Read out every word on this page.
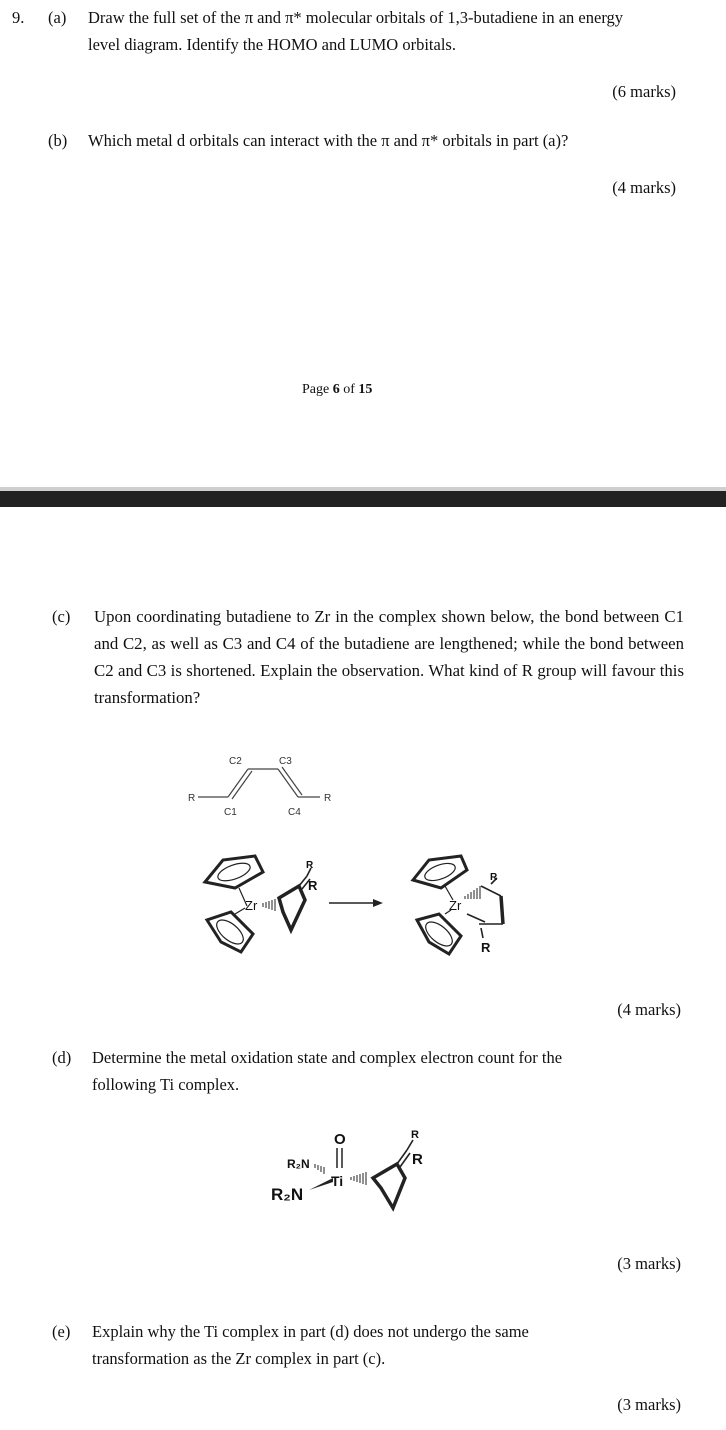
9. (a) Draw the full set of the π and π* molecular orbitals of 1,3-butadiene in an energy
level diagram. Identify the HOMO and LUMO orbitals.
(6 marks)
(b) Which metal d orbitals can interact with the π and π* orbitals in part (a)?
(4 marks)
Page 6 of 15
(c) Upon coordinating butadiene to Zr in the complex shown below, the bond between C1 and C2, as well as C3 and C4 of the butadiene are lengthened; while the bond between C2 and C3 is shortened. Explain the observation. What kind of R group will favour this transformation?
R	R
C1
C2	C3
C4
Zr
R
R
Zr
R
R
(4 marks)
(d) Determine the metal oxidation state and complex electron count for the
following Ti complex.
O
R₂N
R₂N
Ti
R
R
(3 marks)
(e) Explain why the Ti complex in part (d) does not undergo the same
transformation as the Zr complex in part (c).
(3 marks)
